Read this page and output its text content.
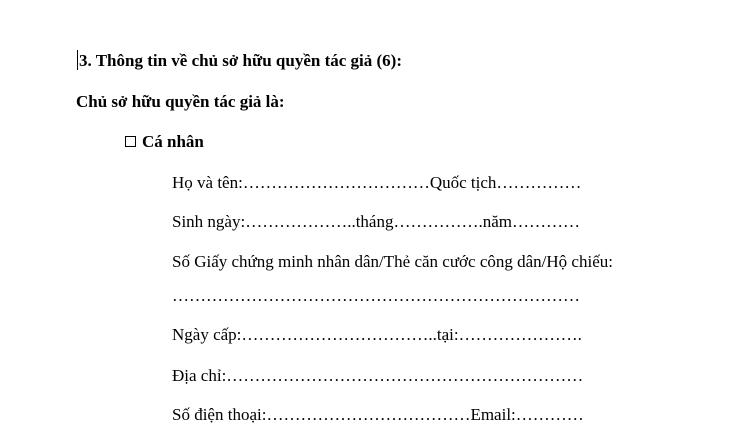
3. Thông tin về chủ sở hữu quyền tác giả (6):
Chủ sở hữu quyền tác giả là:
Cá nhân
Họ và tên:……………………………Quốc tịch……………
Sinh ngày:………………..tháng…………….năm…………
Số Giấy chứng minh nhân dân/Thẻ căn cước công dân/Hộ chiếu:
………………………………………………………………
Ngày cấp:……………………………..tại:………………….
Địa chỉ:………………………………………………………
Số điện thoại:………………………………Email:…………
